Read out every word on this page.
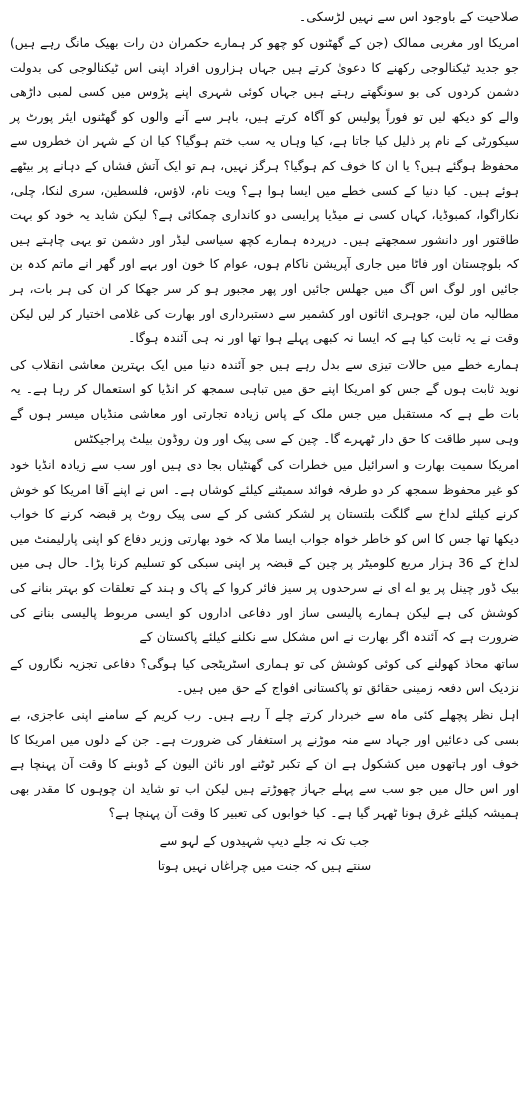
صلاحیت کے باوجود اس سے نہیں لڑسکی۔

امریکا اور مغربی ممالک (جن کے گھٹنوں کو چھو کر ہمارے حکمران دن رات بھیک مانگ رہے ہیں) جو جدید ٹیکنالوجی رکھنے کا دعویٰ کرتے ہیں جہاں ہزاروں افراد اپنی اس ٹیکنالوجی کی بدولت دشمن کردوں کی بو سونگھتے رہتے ہیں جہاں کوئی شہری اپنے پڑوس میں کسی لمبی داڑھی والے کو دیکھ لیں تو فوراً پولیس کو آگاہ کرتے ہیں، باہر سے آنے والوں کو گھٹنوں ایئر پورٹ پر سیکورٹی کے نام پر ذلیل کیا جاتا ہے، کیا وہاں یہ سب ختم ہوگیا؟ کیا ان کے شہر ان خطروں سے محفوظ ہوگئے ہیں؟ یا ان کا خوف کم ہوگیا؟ ہرگز نہیں، ہم تو ایک آتش فشاں کے دہانے پر بیٹھے ہوئے ہیں۔ کیا دنیا کے کسی خطے میں ایسا ہوا ہے؟ ویت نام، لاؤس، فلسطین، سری لنکا، چلی، نکاراگوا، کمبوڈیا، کہاں کسی نے میڈیا پرایسی دو کانداری چمکائی ہے؟ لیکن شاید یہ خود کو بہت طاقتور اور دانشور سمجھتے ہیں۔ درپردہ ہمارے کچھ سیاسی لیڈر اور دشمن تو یہی چاہتے ہیں کہ بلوچستان اور فاٹا میں جاری آپریشن ناکام ہوں، عوام کا خون اور بہے اور گھر انے ماتم کدہ بن جائیں اور لوگ اس آگ میں جھلس جائیں اور پھر مجبور ہو کر سر جھکا کر ان کی ہر بات، ہر مطالبہ مان لیں، جوہری اثاثوں اور کشمیر سے دستبرداری اور بھارت کی غلامی اختیار کر لیں لیکن وقت نے یہ ثابت کیا ہے کہ ایسا نہ کبھی پہلے ہوا تھا اور نہ ہی آئندہ ہوگا۔

ہمارے خطے میں حالات تیزی سے بدل رہے ہیں جو آئندہ دنیا میں ایک بہترین معاشی انقلاب کی نوید ثابت ہوں گے جس کو امریکا اپنے حق میں تباہی سمجھ کر انڈیا کو استعمال کر رہا ہے۔ یہ بات طے ہے کہ مستقبل میں جس ملک کے پاس زیادہ تجارتی اور معاشی منڈیاں میسر ہوں گے وہی سپر طاقت کا حق دار ٹھہرے گا۔ چین کے سی پیک اور ون روڈون بیلٹ پراجیکٹس

امریکا سمیت بھارت و اسرائیل میں خطرات کی گھنٹیاں بجا دی ہیں اور سب سے زیادہ انڈیا خود کو غیر محفوظ سمجھ کر دو طرفہ فوائد سمیٹنے کیلئے کوشاں ہے۔ اس نے اپنے آقا امریکا کو خوش کرنے کیلئے لداخ سے گلگت بلتستان پر لشکر کشی کر کے سی پیک روٹ پر قبضہ کرنے کا خواب دیکھا تھا جس کا اس کو خاطر خواہ جواب ایسا ملا کہ خود بھارتی وزیر دفاع کو اپنی پارلیمنٹ میں لداخ کے 36 ہزار مربع کلومیٹر پر چین کے قبضہ پر اپنی سبکی کو تسلیم کرنا پڑا۔ حال ہی میں بیک ڈور چینل پر یو اے ای نے سرحدوں پر سیز فائر کروا کے پاک و ہند کے تعلقات کو بہتر بنانے کی کوشش کی ہے لیکن ہمارے پالیسی ساز اور دفاعی اداروں کو ایسی مربوط پالیسی بنانے کی ضرورت ہے کہ آئندہ اگر بھارت نے اس مشکل سے نکلنے کیلئے پاکستان کے

ساتھ محاذ کھولنے کی کوئی کوشش کی تو ہماری اسٹریٹجی کیا ہوگی؟ دفاعی تجزیہ نگاروں کے نزدیک اس دفعہ زمینی حقائق تو پاکستانی افواج کے حق میں ہیں۔

اہل نظر پچھلے کئی ماہ سے خبردار کرتے چلے آ رہے ہیں۔ رب کریم کے سامنے اپنی عاجزی، بے بسی کی دعائیں اور جہاد سے منہ موڑنے پر استغفار کی ضرورت ہے۔ جن کے دلوں میں امریکا کا خوف اور ہاتھوں میں کشکول ہے ان کے تکبر ٹوٹنے اور نائن الیون کے ڈوبنے کا وقت آن پہنچا ہے اور اس حال میں جو سب سے پہلے جہاز چھوڑتے ہیں لیکن اب تو شاید ان چوہوں کا مقدر بھی ہمیشہ کیلئے غرق ہونا ٹھہر گیا ہے۔ کیا خوابوں کی تعبیر کا وقت آن پہنچا ہے؟

جب تک نہ جلے دیپ شہیدوں کے لہو سے
سنتے ہیں کہ جنت میں چراغاں نہیں ہوتا
